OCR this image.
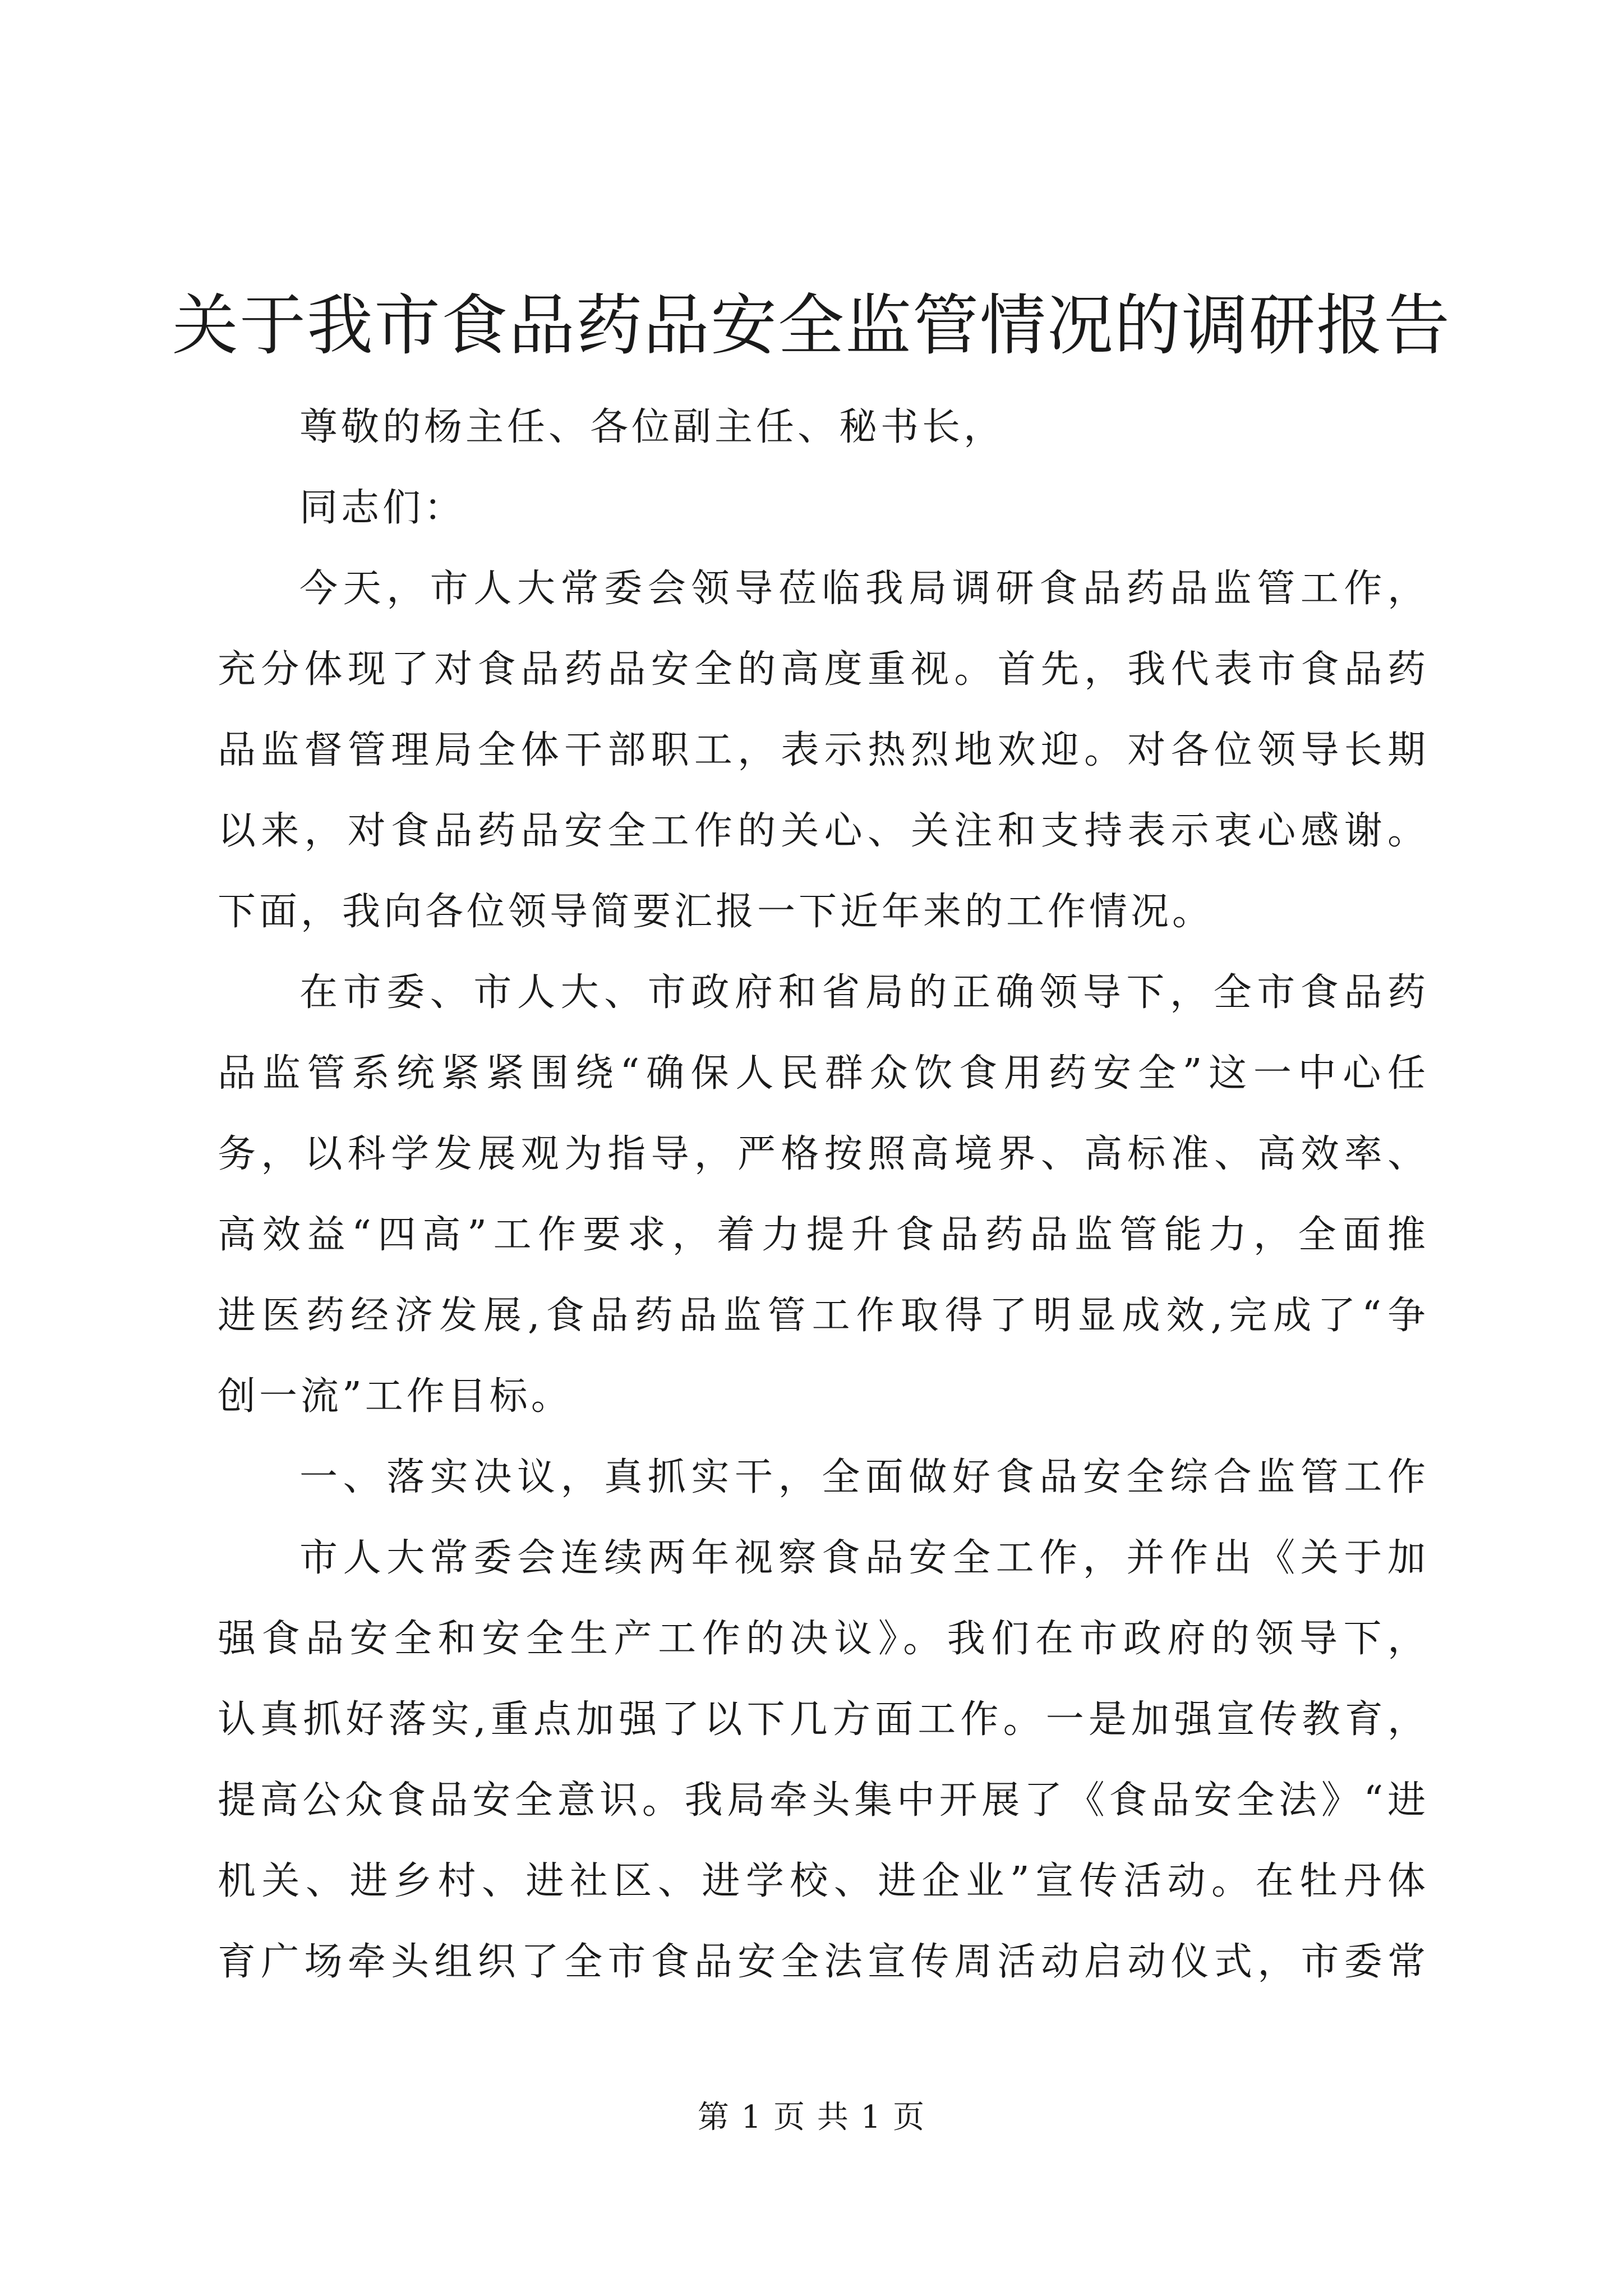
关于我市食品药品安全监管情况的调研报告
尊敬的杨主任、各位副主任、秘书长，
同志们：
今天，市人大常委会领导莅临我局调研食品药品监管工作，
充分体现了对食品药品安全的高度重视。首先，我代表市食品药
品监督管理局全体干部职工，表示热烈地欢迎。对各位领导长期
以来，对食品药品安全工作的关心、关注和支持表示衷心感谢。
下面，我向各位领导简要汇报一下近年来的工作情况。
在市委、市人大、市政府和省局的正确领导下，全市食品药
品监管系统紧紧围绕“确保人民群众饮食用药安全”这一中心任
务，以科学发展观为指导，严格按照高境界、高标准、高效率、
高效益“四高”工作要求，着力提升食品药品监管能力，全面推
进医药经济发展,食品药品监管工作取得了明显成效,完成了“争
创一流”工作目标。
一、落实决议，真抓实干，全面做好食品安全综合监管工作
市人大常委会连续两年视察食品安全工作，并作出《关于加
强食品安全和安全生产工作的决议》。我们在市政府的领导下，
认真抓好落实,重点加强了以下几方面工作。一是加强宣传教育，
提高公众食品安全意识。我局牵头集中开展了《食品安全法》“进
机关、进乡村、进社区、进学校、进企业”宣传活动。在牡丹体
育广场牵头组织了全市食品安全法宣传周活动启动仪式，市委常
第 1 页 共 1 页
